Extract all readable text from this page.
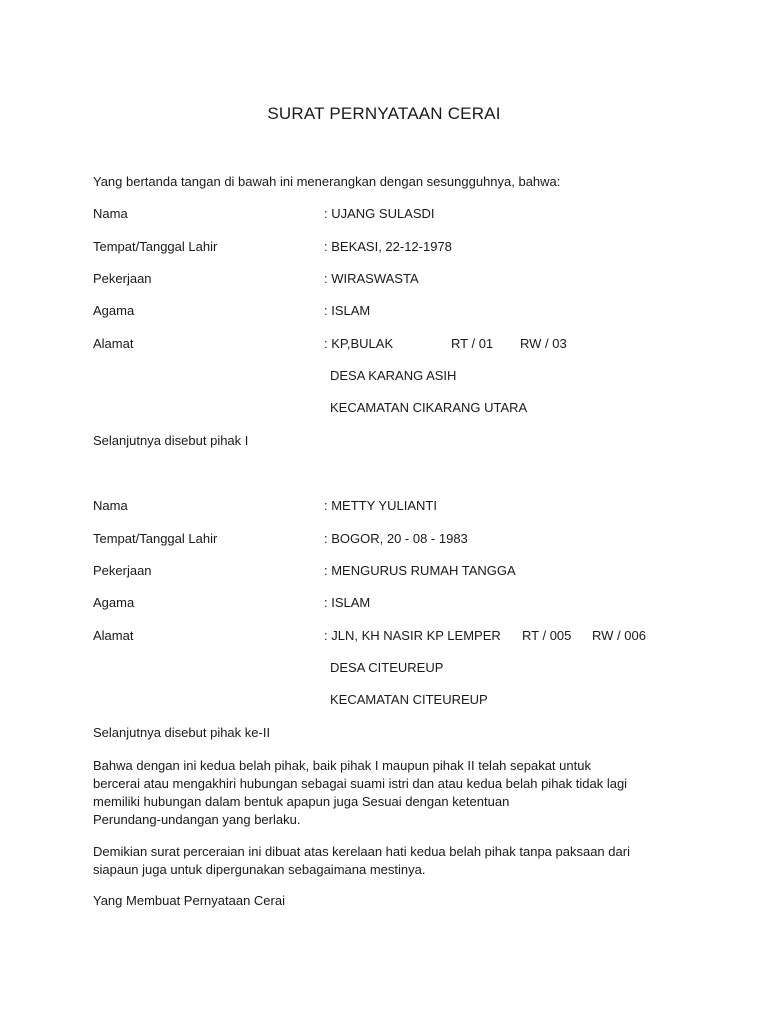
SURAT PERNYATAAN CERAI
Yang bertanda tangan di bawah ini menerangkan dengan sesungguhnya, bahwa:
Nama	: UJANG SULASDI
Tempat/Tanggal Lahir	: BEKASI, 22-12-1978
Pekerjaan	: WIRASWASTA
Agama	: ISLAM
Alamat	: KP,BULAK	RT / 01 RW / 03
DESA KARANG ASIH
KECAMATAN CIKARANG UTARA
Selanjutnya disebut pihak I
Nama	: METTY YULIANTI
Tempat/Tanggal Lahir	: BOGOR, 20 - 08 - 1983
Pekerjaan	: MENGURUS RUMAH TANGGA
Agama	: ISLAM
Alamat	: JLN, KH NASIR KP LEMPER RT / 005 RW / 006
DESA CITEUREUP
KECAMATAN CITEUREUP
Selanjutnya disebut pihak ke-II
Bahwa dengan ini kedua belah pihak, baik pihak I maupun pihak II telah sepakat untuk
bercerai atau mengakhiri hubungan sebagai suami istri dan atau kedua belah pihak tidak lagi
memiliki hubungan dalam bentuk apapun juga Sesuai dengan ketentuan
Perundang-undangan yang berlaku.
Demikian surat perceraian ini dibuat atas kerelaan hati kedua belah pihak tanpa paksaan dari
siapaun juga untuk dipergunakan sebagaimana mestinya.
Yang Membuat Pernyataan Cerai
